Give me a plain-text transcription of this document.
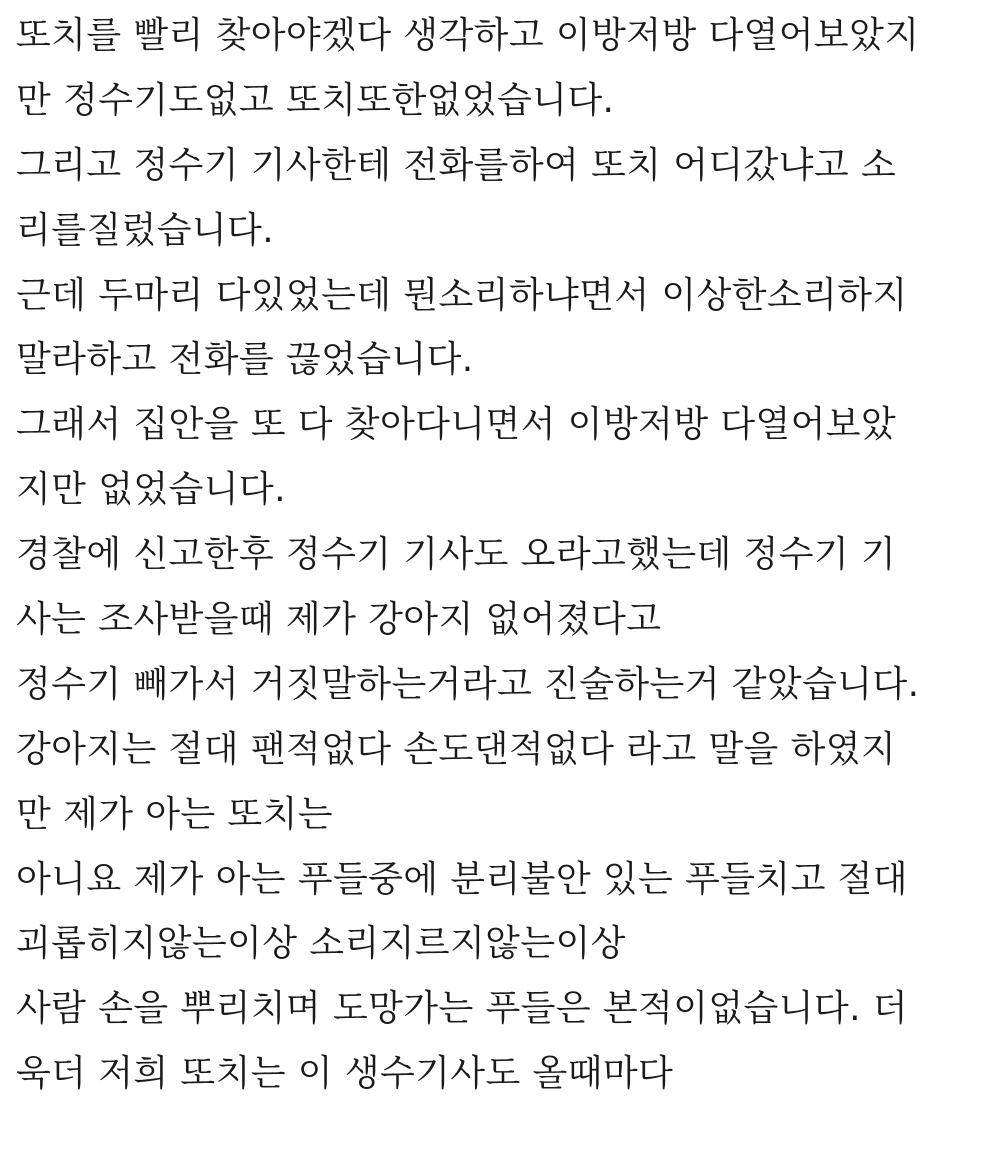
또치를 빨리 찾아야겠다 생각하고 이방저방 다열어보았지
만 정수기도없고 또치또한없었습니다.
그리고 정수기 기사한테 전화를하여 또치 어디갔냐고 소
리를질렀습니다.
근데 두마리 다있었는데 뭔소리하냐면서 이상한소리하지
말라하고 전화를 끊었습니다.
그래서 집안을 또 다 찾아다니면서 이방저방 다열어보았
지만 없었습니다.
경찰에 신고한후 정수기 기사도 오라고했는데 정수기 기
사는 조사받을때 제가 강아지 없어졌다고
정수기 빼가서 거짓말하는거라고 진술하는거 같았습니다.
강아지는 절대 팬적없다 손도댄적없다 라고 말을 하였지
만 제가 아는 또치는
아니요 제가 아는 푸들중에 분리불안 있는 푸들치고 절대
괴롭히지않는이상 소리지르지않는이상
사람 손을 뿌리치며 도망가는 푸들은 본적이없습니다. 더
욱더 저희 또치는 이 생수기사도 올때마다
